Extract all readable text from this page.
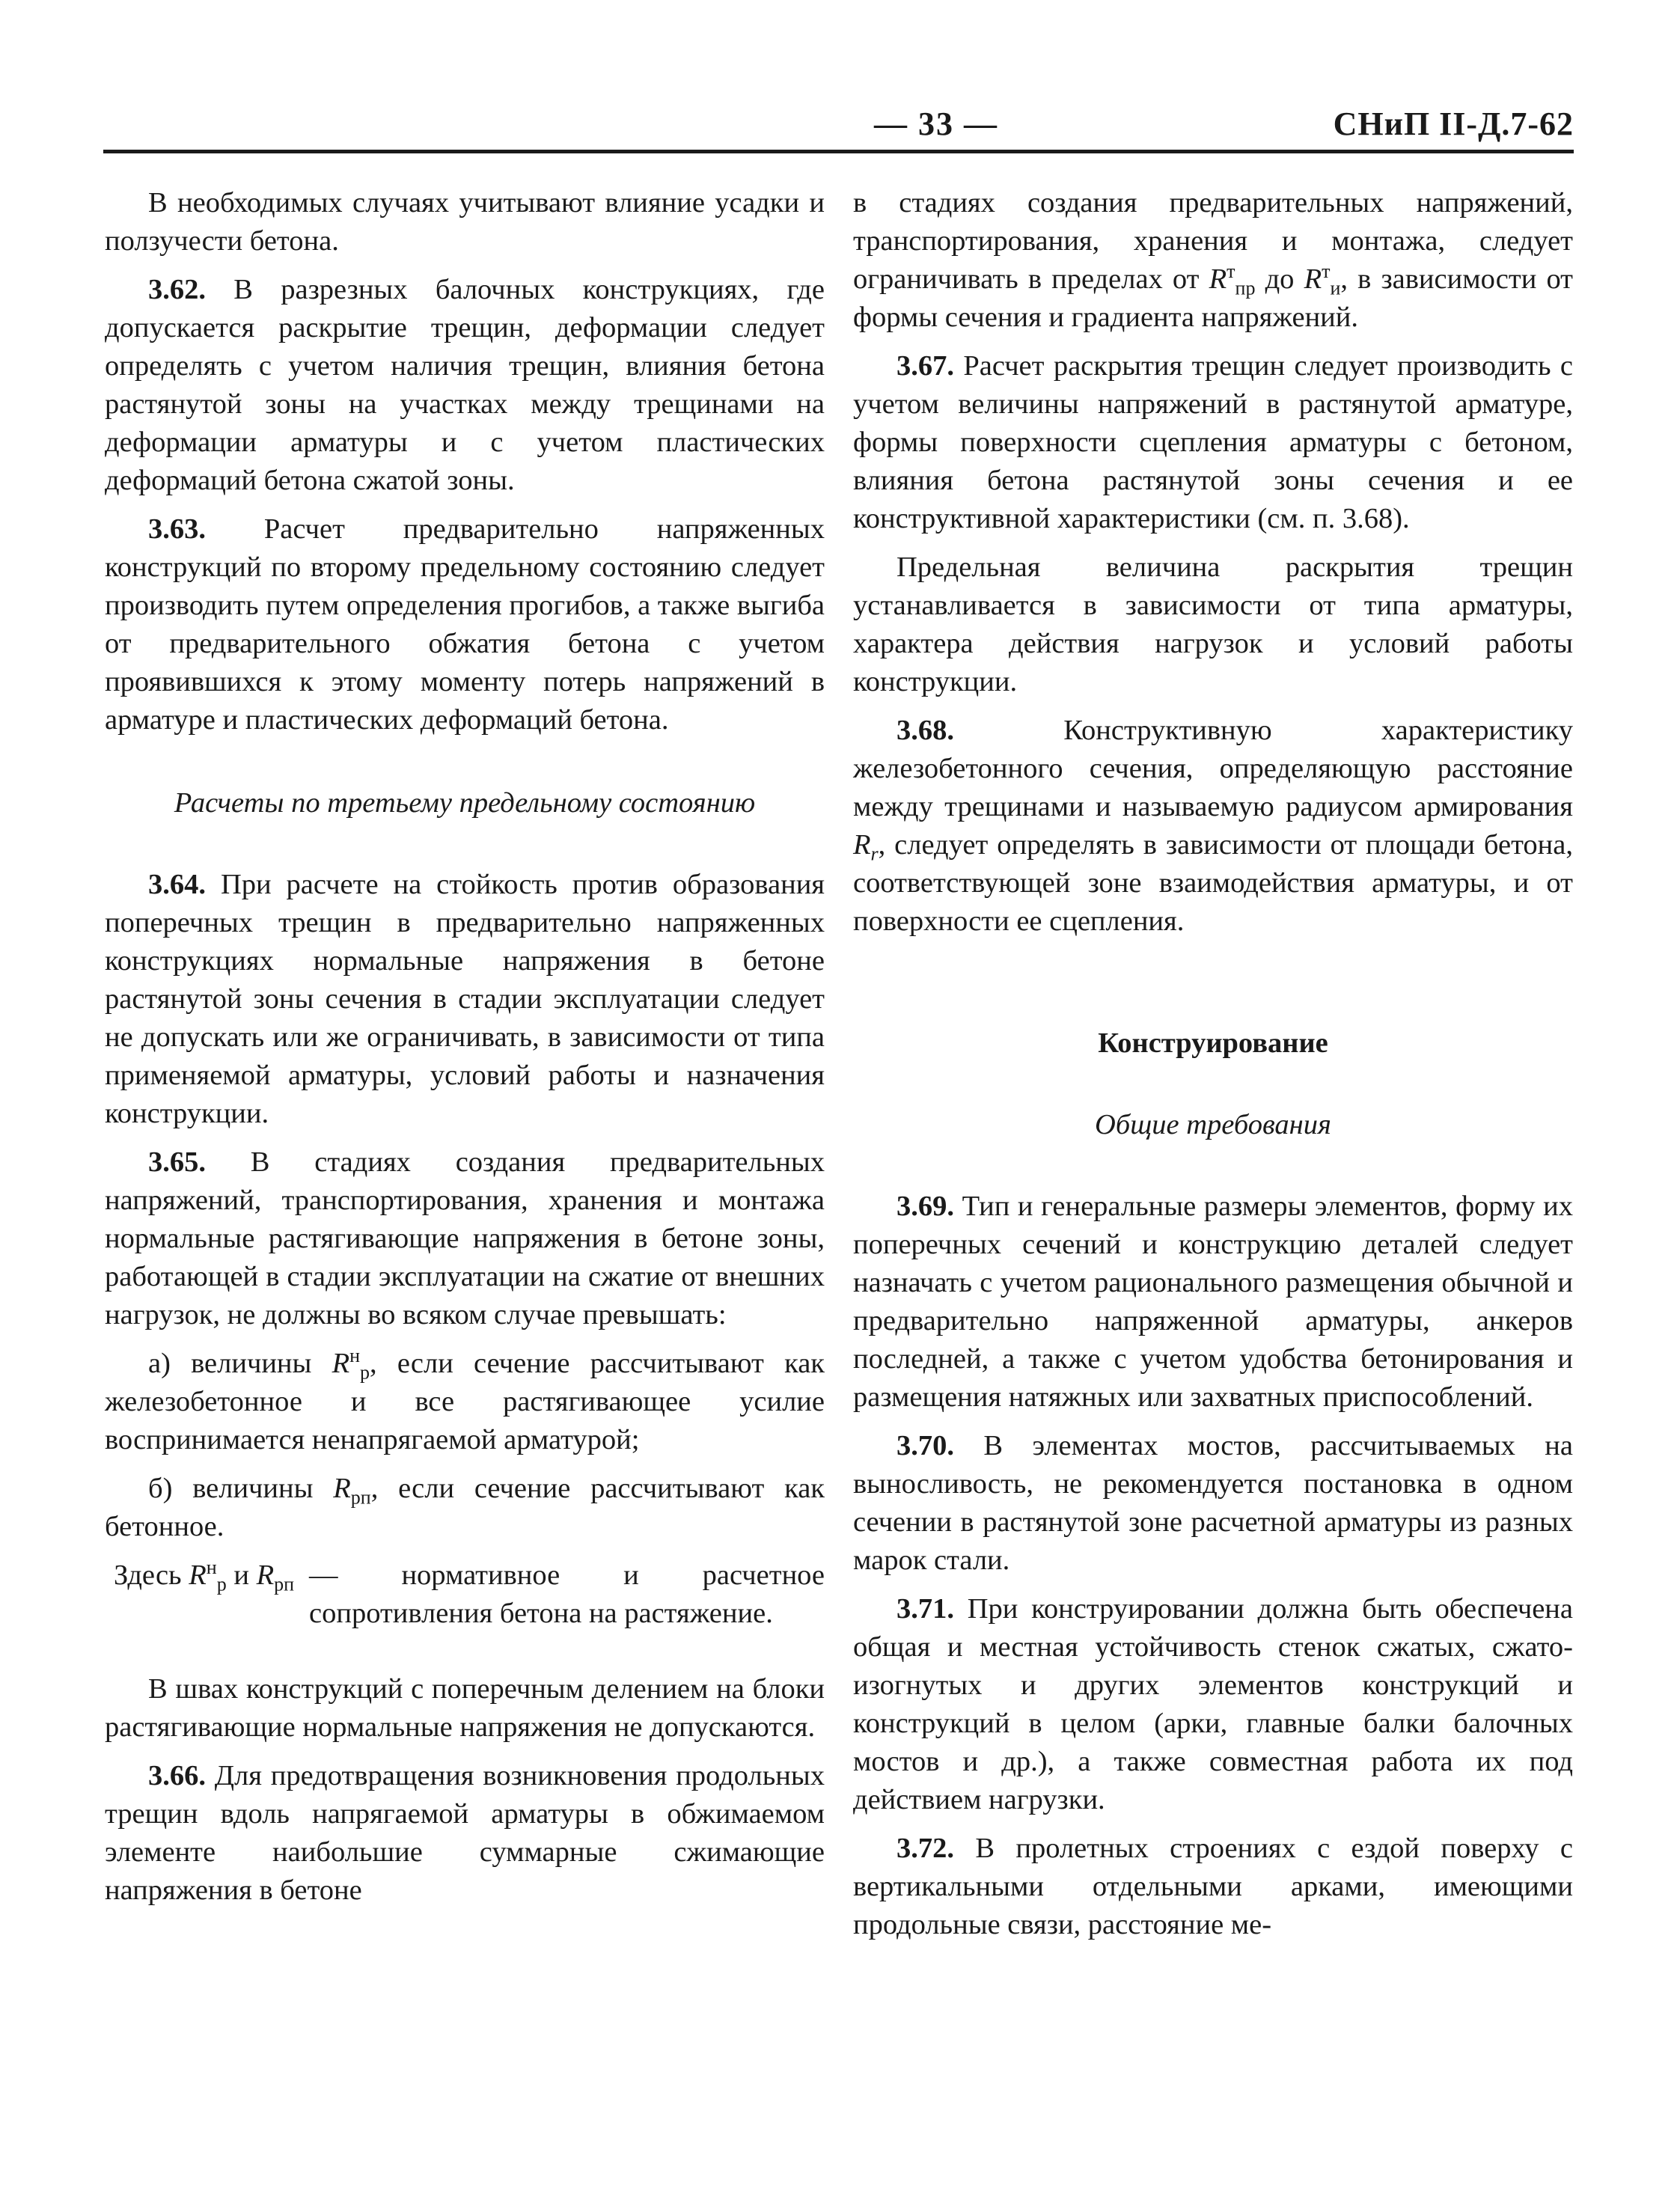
— 33 —	СНиП II-Д.7-62

В необходимых случаях учитывают влияние усадки и ползучести бетона.

3.62. В разрезных балочных конструкциях, где допускается раскрытие трещин, деформации следует определять с учетом наличия трещин, влияния бетона растянутой зоны на участках между трещинами на деформации арматуры и с учетом пластических деформаций бетона сжатой зоны.

3.63. Расчет предварительно напряженных конструкций по второму предельному состоянию следует производить путем определения прогибов, а также выгиба от предварительного обжатия бетона с учетом проявившихся к этому моменту потерь напряжений в арматуре и пластических деформаций бетона.

Расчеты по третьему предельному состоянию

3.64. При расчете на стойкость против образования поперечных трещин в предварительно напряженных конструкциях нормальные напряжения в бетоне растянутой зоны сечения в стадии эксплуатации следует не допускать или же ограничивать, в зависимости от типа применяемой арматуры, условий работы и назначения конструкции.

3.65. В стадиях создания предварительных напряжений, транспортирования, хранения и монтажа нормальные растягивающие напряжения в бетоне зоны, работающей в стадии эксплуатации на сжатие от внешних нагрузок, не должны во всяком случае превышать:

а) величины $R^н_р$, если сечение рассчитывают как железобетонное и все растягивающее усилие воспринимается ненапрягаемой арматурой;

б) величины $R_{рп}$, если сечение рассчитывают как бетонное.

Здесь $R^н_р$ и $R_{рп}$ — нормативное и расчетное сопротивления бетона на растяжение.

В швах конструкций с поперечным делением на блоки растягивающие нормальные напряжения не допускаются.

3.66. Для предотвращения возникновения продольных трещин вдоль напрягаемой арматуры в обжимаемом элементе наибольшие суммарные сжимающие напряжения в бетоне

в стадиях создания предварительных напряжений, транспортирования, хранения и монтажа, следует ограничивать в пределах от $R^т_{пр}$ до $R^т_и$, в зависимости от формы сечения и градиента напряжений.

3.67. Расчет раскрытия трещин следует производить с учетом величины напряжений в растянутой арматуре, формы поверхности сцепления арматуры с бетоном, влияния бетона растянутой зоны сечения и ее конструктивной характеристики (см. п. 3.68).

Предельная величина раскрытия трещин устанавливается в зависимости от типа арматуры, характера действия нагрузок и условий работы конструкции.

3.68. Конструктивную характеристику железобетонного сечения, определяющую расстояние между трещинами и называемую радиусом армирования $R_r$, следует определять в зависимости от площади бетона, соответствующей зоне взаимодействия арматуры, и от поверхности ее сцепления.

Конструирование

Общие требования

3.69. Тип и генеральные размеры элементов, форму их поперечных сечений и конструкцию деталей следует назначать с учетом рационального размещения обычной и предварительно напряженной арматуры, анкеров последней, а также с учетом удобства бетонирования и размещения натяжных или захватных приспособлений.

3.70. В элементах мостов, рассчитываемых на выносливость, не рекомендуется постановка в одном сечении в растянутой зоне расчетной арматуры из разных марок стали.

3.71. При конструировании должна быть обеспечена общая и местная устойчивость стенок сжатых, сжато-изогнутых и других элементов конструкций и конструкций в целом (арки, главные балки балочных мостов и др.), а также совместная работа их под действием нагрузки.

3.72. В пролетных строениях с ездой поверху с вертикальными отдельными арками, имеющими продольные связи, расстояние ме-
